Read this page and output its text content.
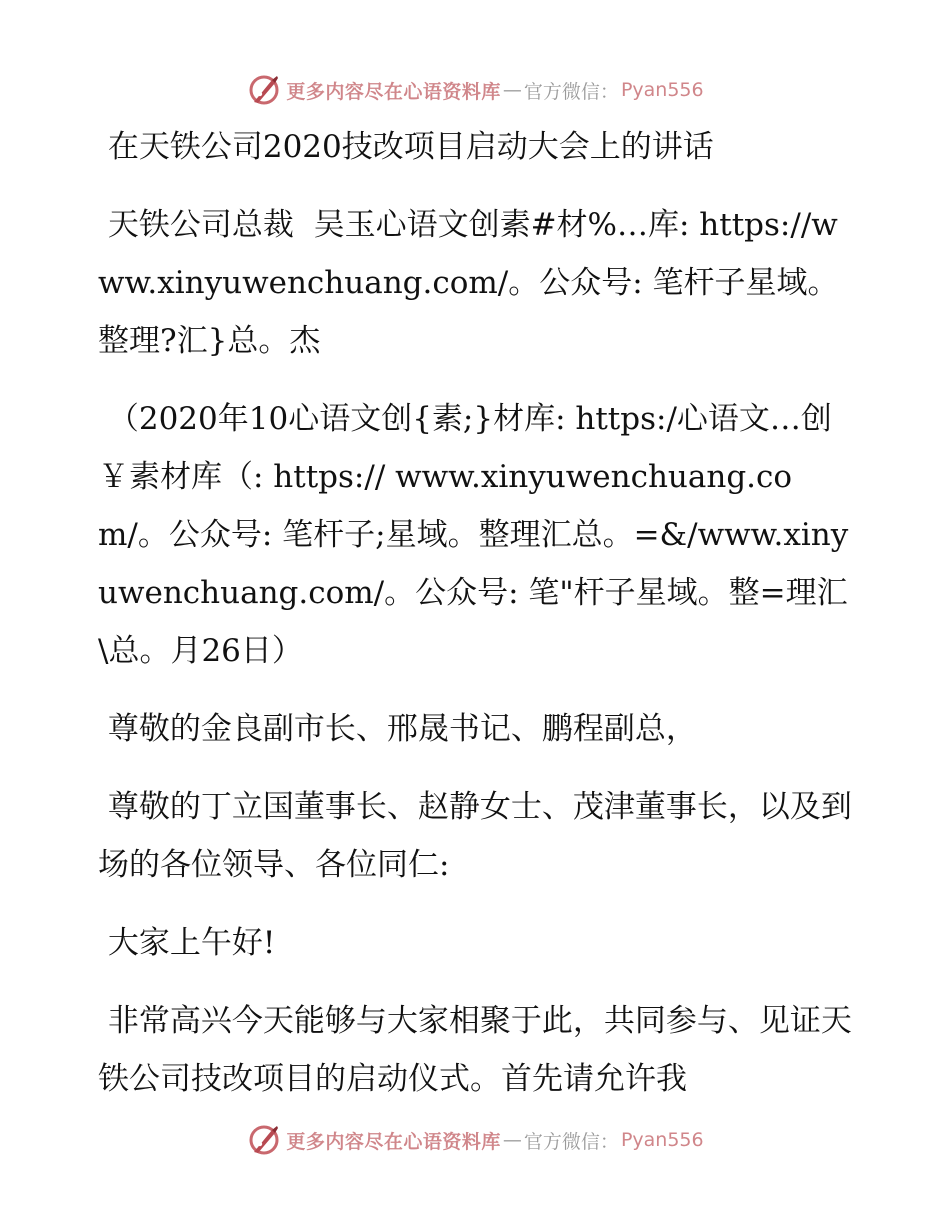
更多内容尽在心语资料库 — 官方微信： Pyan556

在天铁公司2020技改项目启动大会上的讲话

天铁公司总裁  吴玉心语文创素#材%…库: https://www.xinyuwenchuang.com/。公众号: 笔杆子星域。整理?汇}总。杰

（2020年10心语文创{素;}材库: https:/心语文…创￥素材库（: https:// www.xinyuwenchuang.com/。公众号: 笔杆子;星域。整理汇总。=&/www.xinyuwenchuang.com/。公众号: 笔"杆子星域。整=理汇\总。月26日）

尊敬的金良副市长、邢晟书记、鹏程副总，

尊敬的丁立国董事长、赵静女士、茂津董事长，以及到场的各位领导、各位同仁:

大家上午好!

非常高兴今天能够与大家相聚于此，共同参与、见证天铁公司技改项目的启动仪式。首先请允许我

更多内容尽在心语资料库 — 官方微信： Pyan556
